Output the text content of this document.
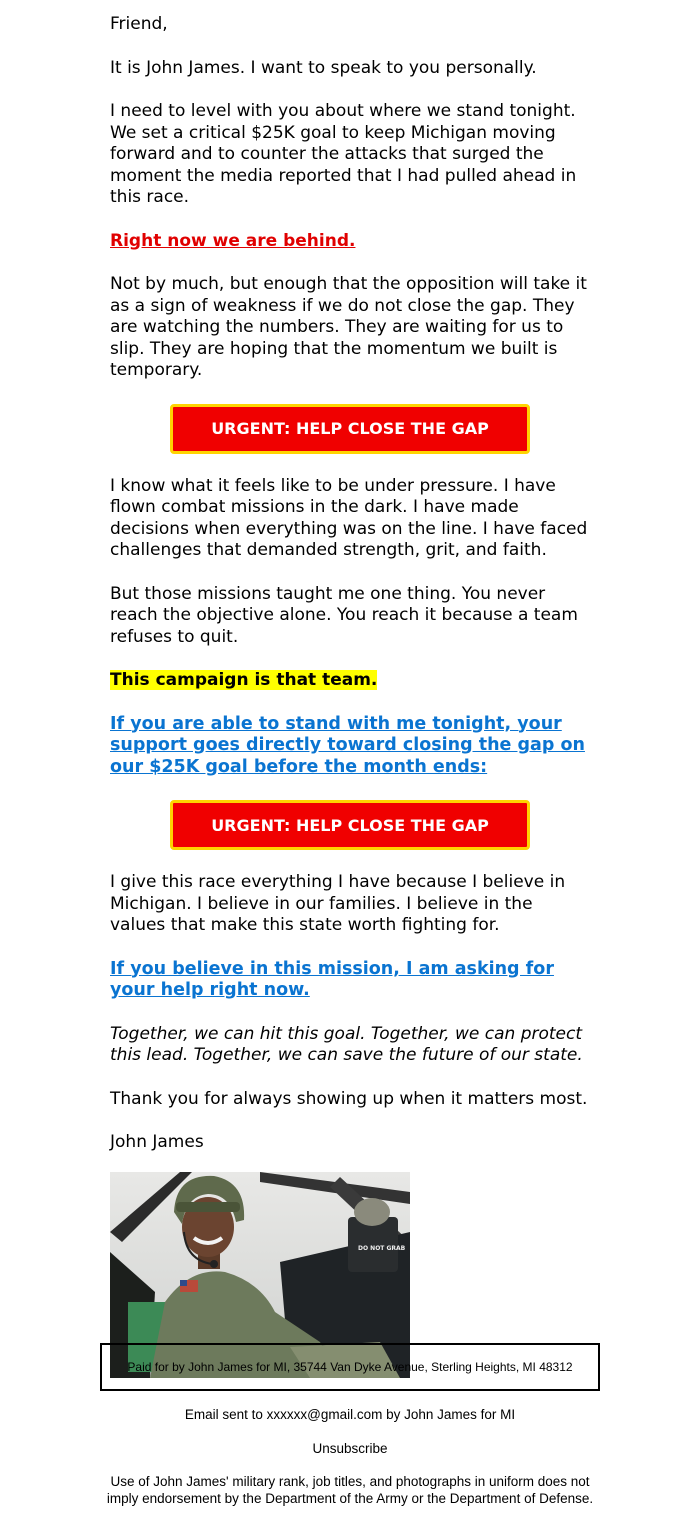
Friend,

It is John James. I want to speak to you personally.

I need to level with you about where we stand tonight. We set a critical $25K goal to keep Michigan moving forward and to counter the attacks that surged the moment the media reported that I had pulled ahead in this race.

Right now we are behind.

Not by much, but enough that the opposition will take it as a sign of weakness if we do not close the gap. They are watching the numbers. They are waiting for us to slip. They are hoping that the momentum we built is temporary.

URGENT: HELP CLOSE THE GAP

I know what it feels like to be under pressure. I have flown combat missions in the dark. I have made decisions when everything was on the line. I have faced challenges that demanded strength, grit, and faith.

But those missions taught me one thing. You never reach the objective alone. You reach it because a team refuses to quit.

This campaign is that team.

If you are able to stand with me tonight, your support goes directly toward closing the gap on our $25K goal before the month ends:

URGENT: HELP CLOSE THE GAP

I give this race everything I have because I believe in Michigan. I believe in our families. I believe in the values that make this state worth fighting for.

If you believe in this mission, I am asking for your help right now.

Together, we can hit this goal. Together, we can protect this lead. Together, we can save the future of our state.

Thank you for always showing up when it matters most.

John James

DO NOT GRAB
Paid for by John James for MI, 35744 Van Dyke Avenue, Sterling Heights, MI 48312
Email sent to xxxxxx@gmail.com by John James for MI
Unsubscribe
Use of John James' military rank, job titles, and photographs in uniform does not imply endorsement by the Department of the Army or the Department of Defense.
